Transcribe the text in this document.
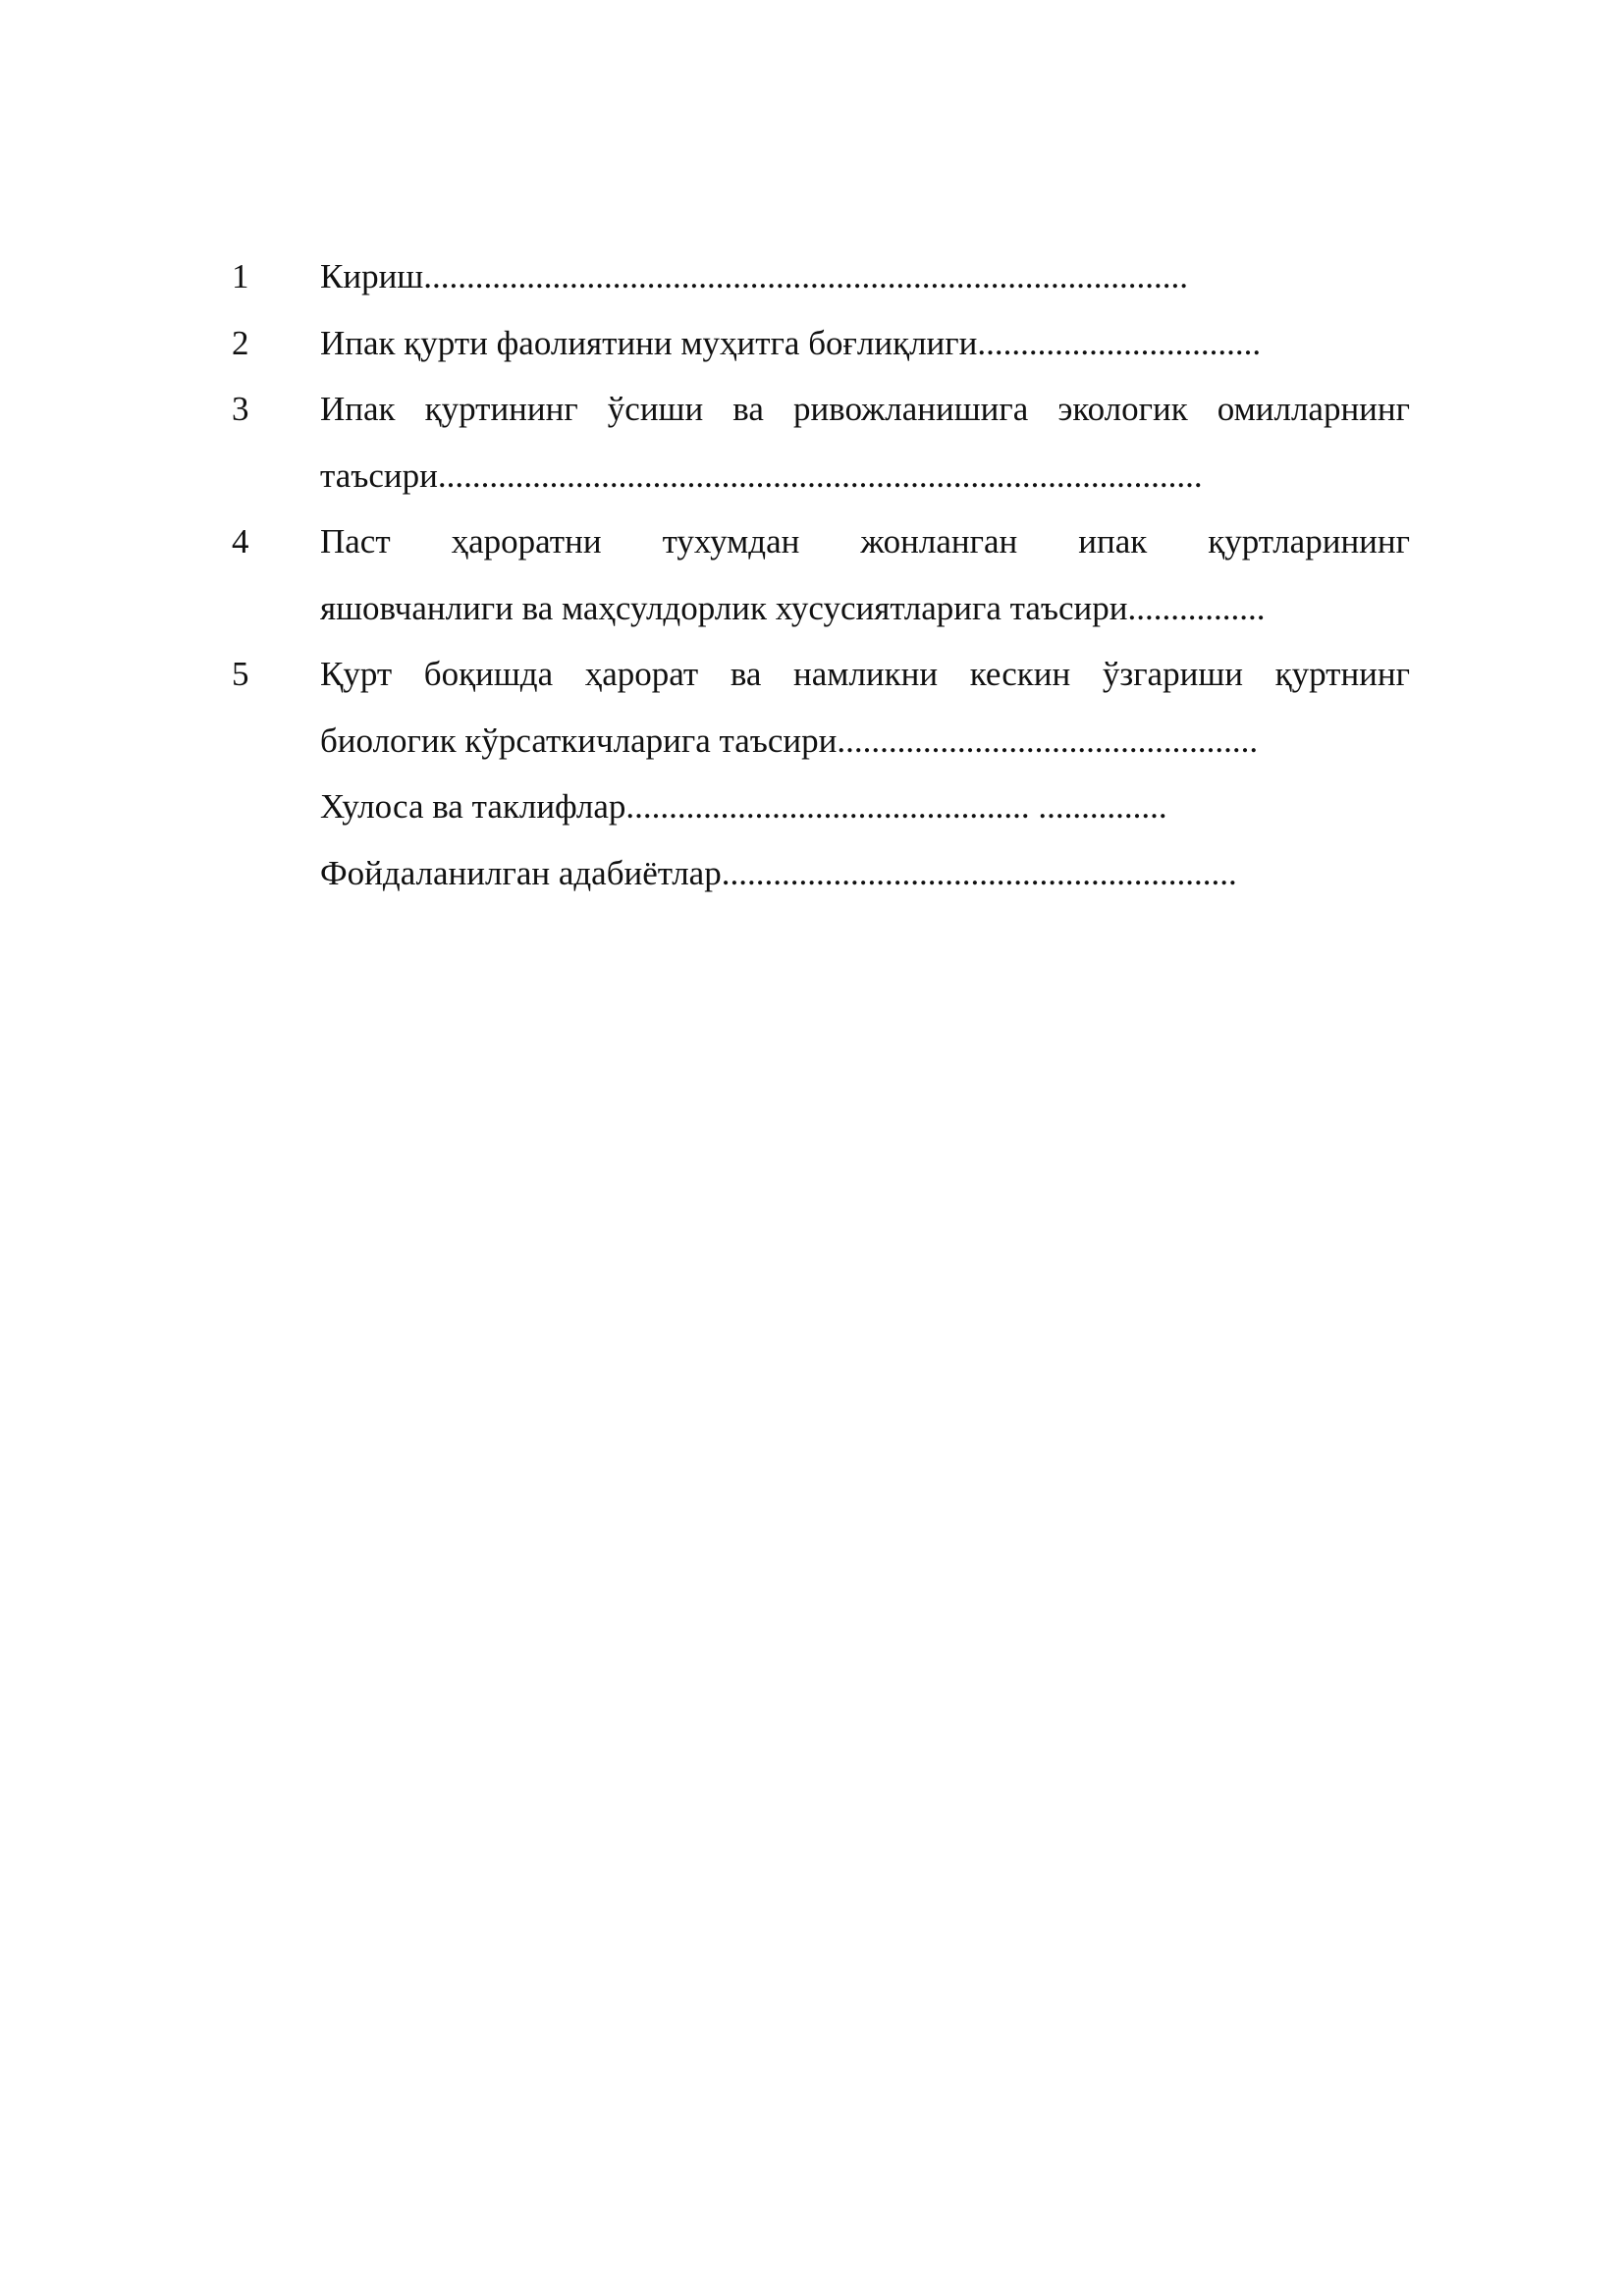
1	Кириш.........................................................................................
2	Ипак қурти фаолиятини муҳитга боғлиқлиги.................................
3	Ипак қуртининг ўсиши ва ривожланишига экологик омилларнинг
таъсири.........................................................................................
4	Паст ҳароратни тухумдан жонланган ипак қуртларининг
яшовчанлиги ва маҳсулдорлик хусусиятларига таъсири................
5	Қурт боқишда ҳарорат ва намликни кескин ўзгариши қуртнинг
биологик кўрсаткичларига таъсири.................................................
Хулоса ва таклифлар............................................... ...............
Фойдаланилган адабиётлар............................................................
